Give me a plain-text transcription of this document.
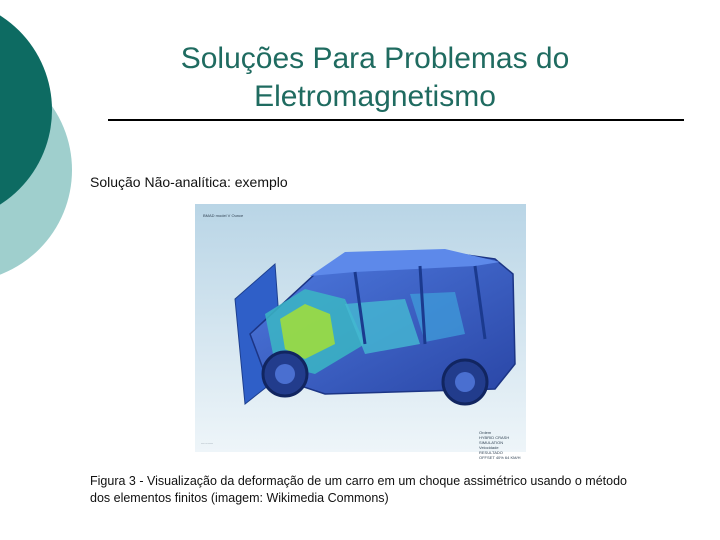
Soluções Para Problemas do Eletromagnetismo
Solução Não-analítica: exemplo
BMAD model V Ounce
...........
Ordem
HYBRID CRASH SIMULATION
Velocidade
RESULTADO
OFFSET 40% 64 KM/H
Figura 3 - Visualização da deformação de um carro em um choque assimétrico usando o método dos elementos finitos (imagem: Wikimedia Commons)
